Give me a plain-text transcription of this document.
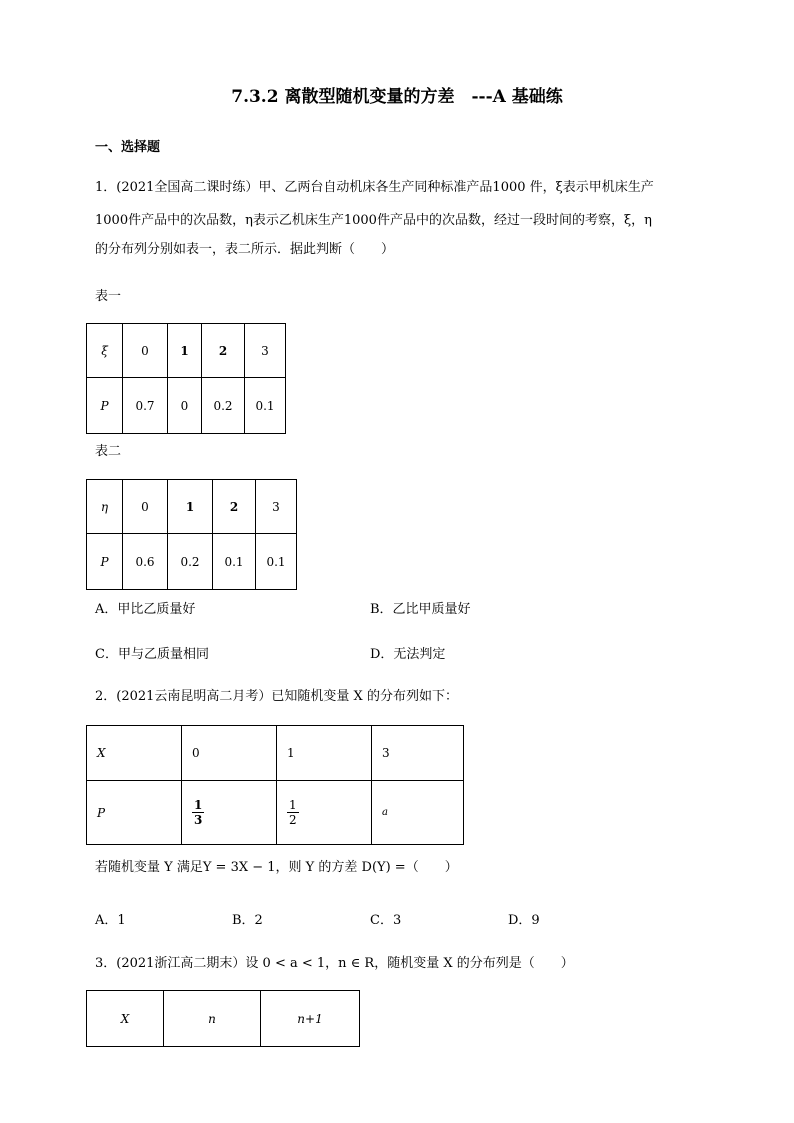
7.3.2 离散型随机变量的方差　---A 基础练
一、选择题
1．(2021全国高二课时练）甲、乙两台自动机床各生产同种标准产品1000 件，ξ表示甲机床生产
1000件产品中的次品数，η表示乙机床生产1000件产品中的次品数，经过一段时间的考察，ξ，η
的分布列分别如表一，表二所示．据此判断（　　）
表一
ξ	0	1	2	3
P	0.7	0	0.2	0.1
表二
η	0	1	2	3
P	0.6	0.2	0.1	0.1
A．甲比乙质量好	B．乙比甲质量好
C．甲与乙质量相同	D．无法判定
2．(2021云南昆明高二月考）已知随机变量 X 的分布列如下：
X	0	1	3
P	$\frac{1}{3}$	$\frac{1}{2}$	a
若随机变量 Y 满足Y = 3X − 1，则 Y 的方差 D(Y) =（　　）
A．1	B．2	C．3	D．9
3．(2021浙江高二期末）设 0 < a < 1，n ∈ R，随机变量 X 的分布列是（　　）
X	n	n+1
